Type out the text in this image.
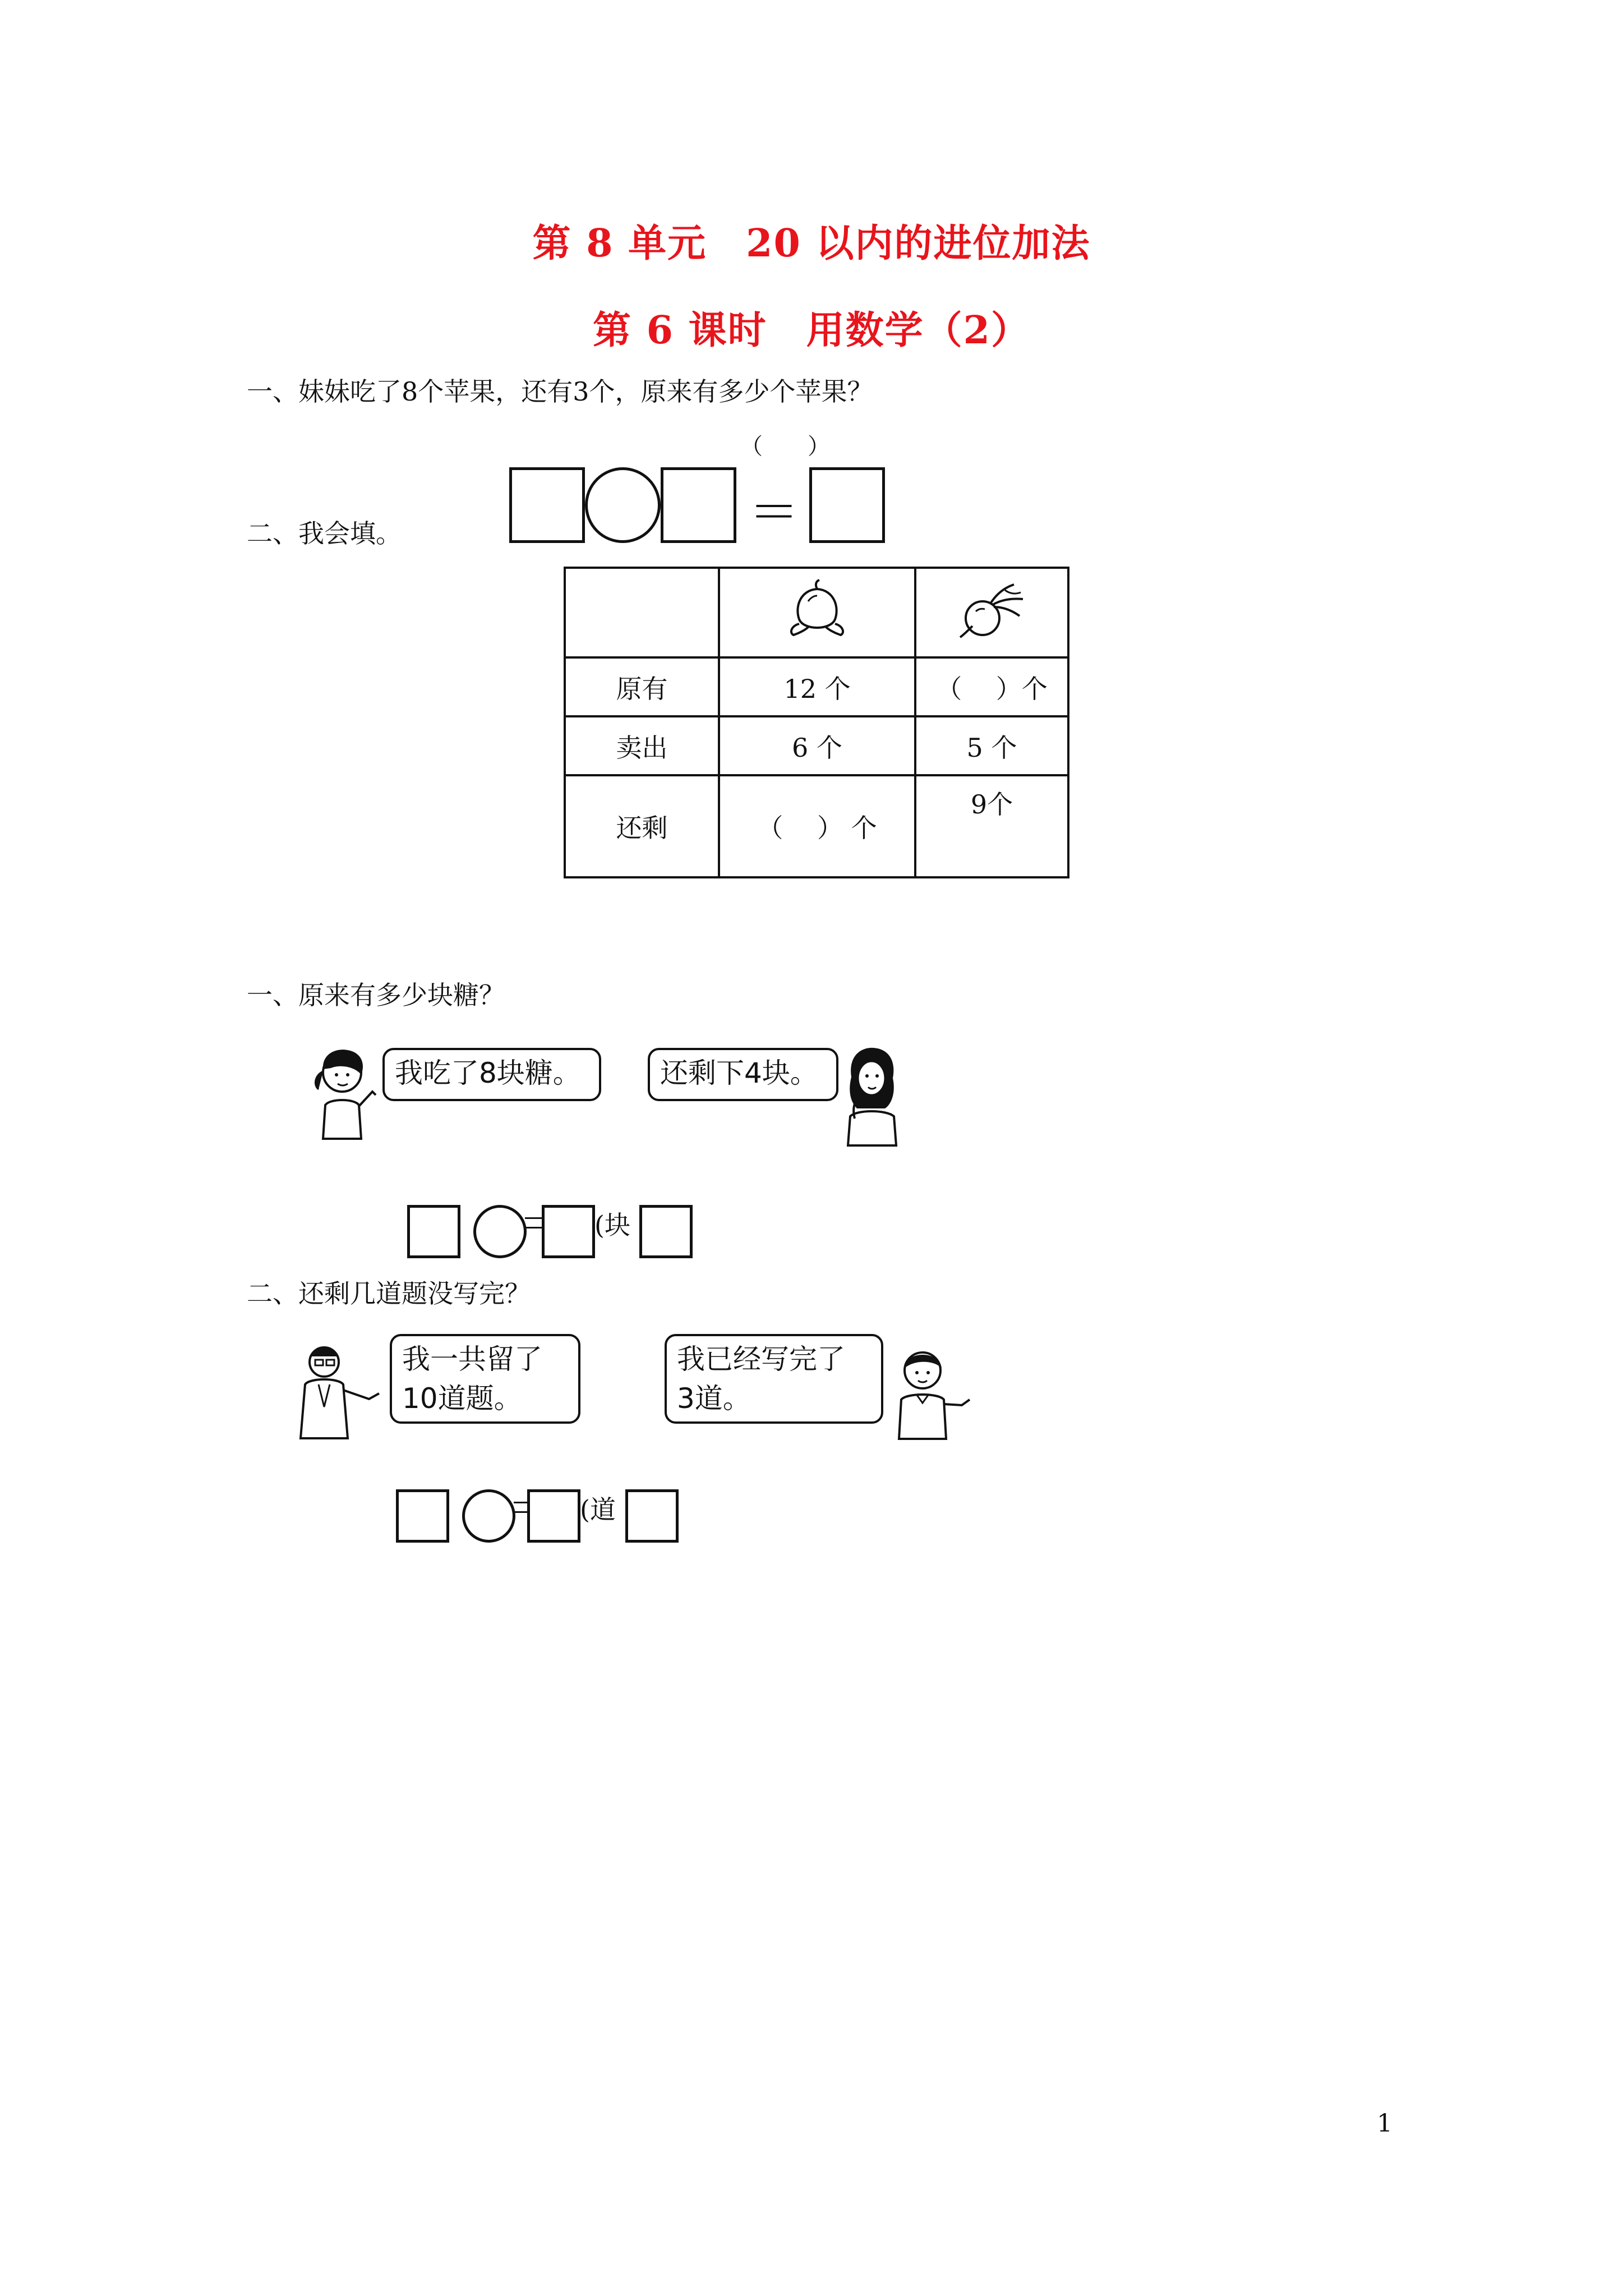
第 8 单元　20 以内的进位加法
第 6 课时　用数学（2）
一、妹妹吃了8个苹果，还有3个，原来有多少个苹果？
（　　）
＝
二、我会填。

原有	12 个	（　 ）个
卖出	6 个	5 个
还剩	（　 ） 个	9个
一、原来有多少块糖？
我吃了8块糖。	还剩下4块。
(块
二、还剩几道题没写完？
我一共留了
10道题。
我已经写完了
3道。
(道
1
